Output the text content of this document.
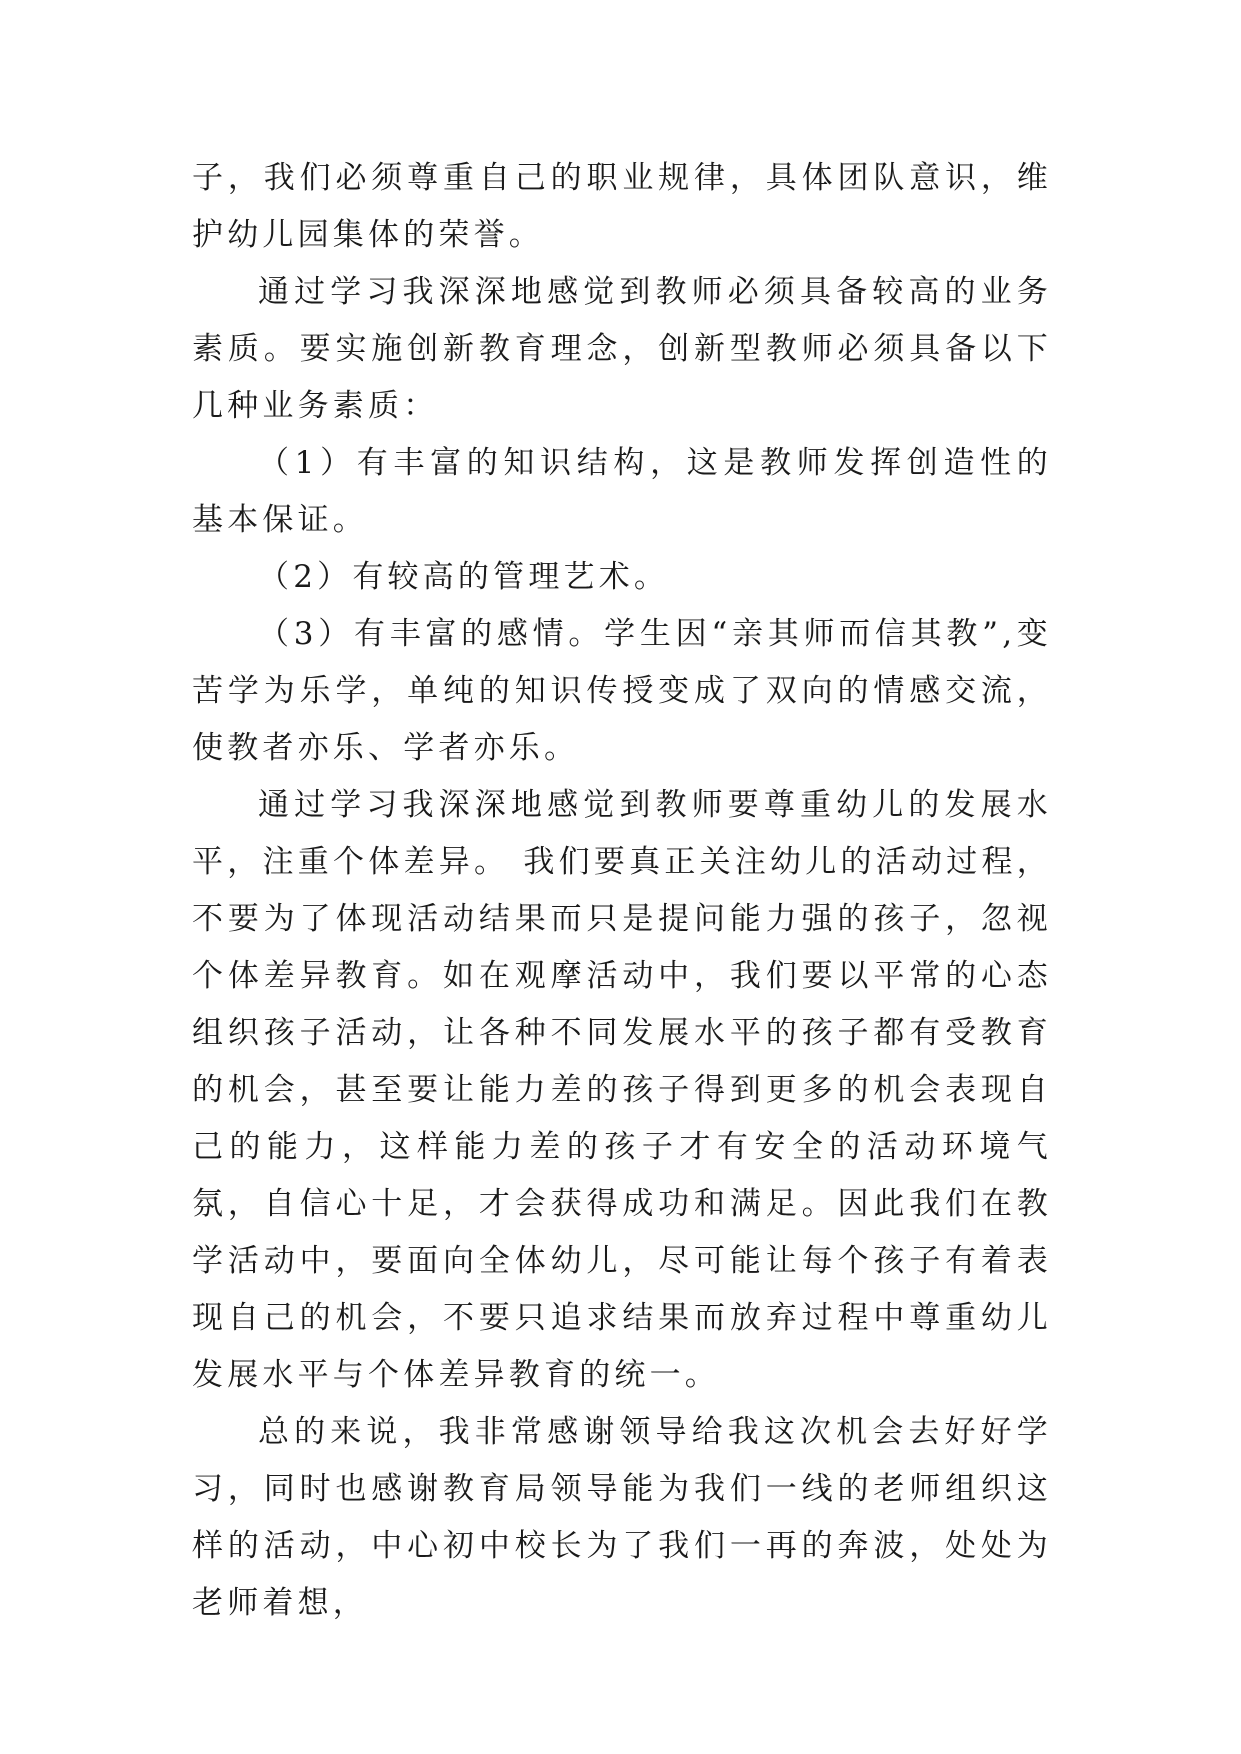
子，我们必须尊重自己的职业规律，具体团队意识，维护幼儿园集体的荣誉。

通过学习我深深地感觉到教师必须具备较高的业务素质。要实施创新教育理念，创新型教师必须具备以下几种业务素质：

（1）有丰富的知识结构，这是教师发挥创造性的基本保证。

（2）有较高的管理艺术。

（3）有丰富的感情。学生因“亲其师而信其教”,变苦学为乐学，单纯的知识传授变成了双向的情感交流，使教者亦乐、学者亦乐。

通过学习我深深地感觉到教师要尊重幼儿的发展水平，注重个体差异。 我们要真正关注幼儿的活动过程，不要为了体现活动结果而只是提问能力强的孩子，忽视个体差异教育。如在观摩活动中，我们要以平常的心态组织孩子活动，让各种不同发展水平的孩子都有受教育的机会，甚至要让能力差的孩子得到更多的机会表现自己的能力，这样能力差的孩子才有安全的活动环境气氛，自信心十足，才会获得成功和满足。因此我们在教学活动中，要面向全体幼儿，尽可能让每个孩子有着表现自己的机会，不要只追求结果而放弃过程中尊重幼儿发展水平与个体差异教育的统一。

总的来说，我非常感谢领导给我这次机会去好好学习，同时也感谢教育局领导能为我们一线的老师组织这样的活动，中心初中校长为了我们一再的奔波，处处为老师着想，
